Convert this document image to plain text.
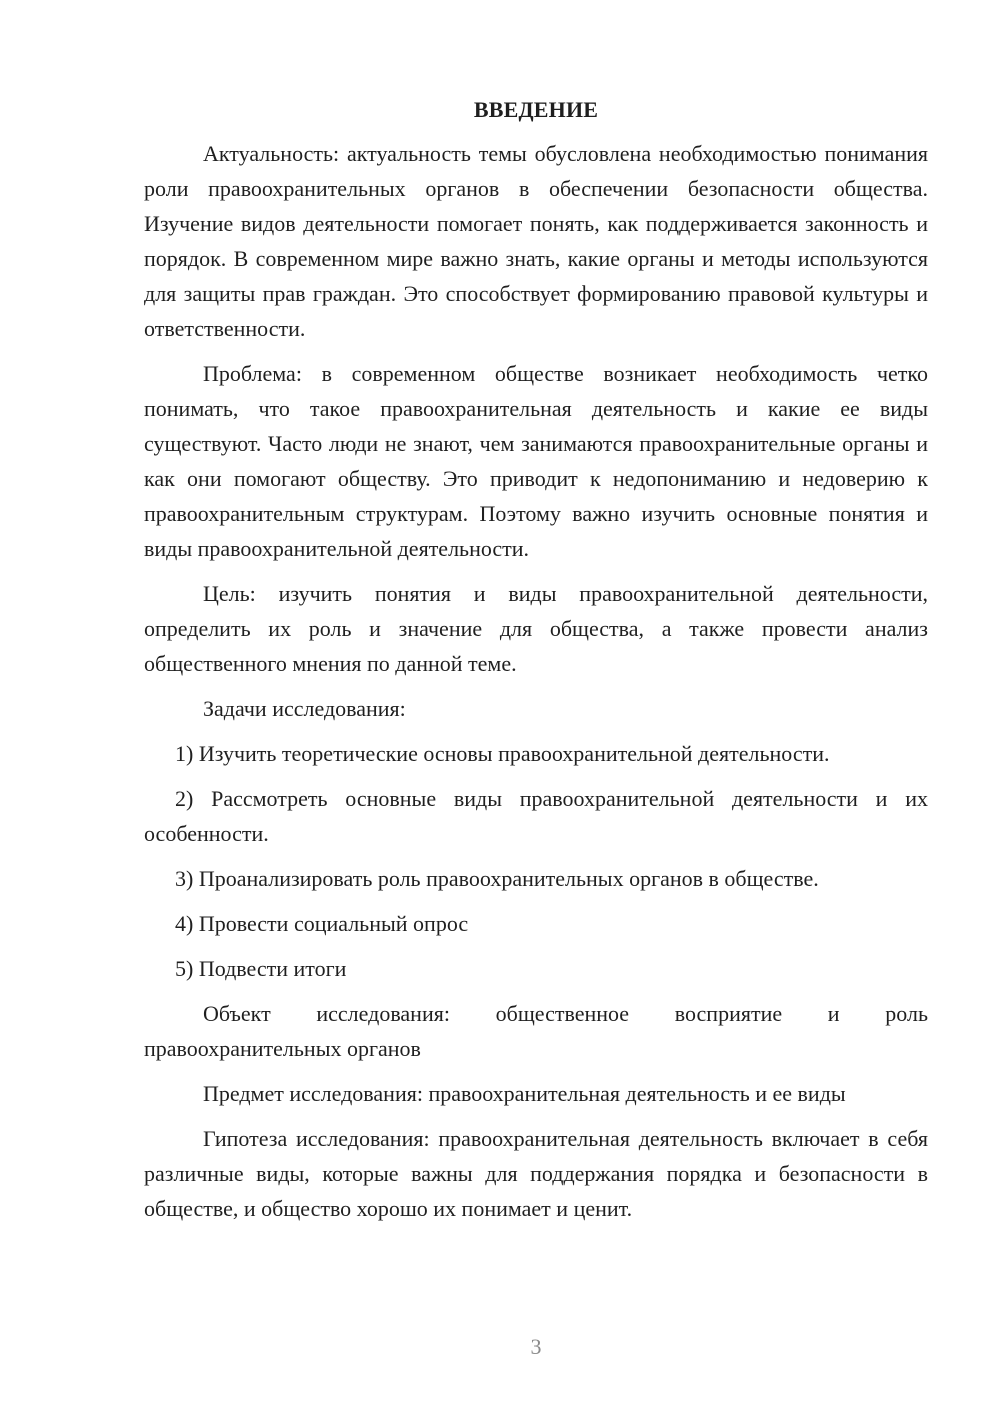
ВВЕДЕНИЕ

Актуальность: актуальность темы обусловлена необходимостью понимания роли правоохранительных органов в обеспечении безопасности общества. Изучение видов деятельности помогает понять, как поддерживается законность и порядок. В современном мире важно знать, какие органы и методы используются для защиты прав граждан. Это способствует формированию правовой культуры и ответственности.

Проблема: в современном обществе возникает необходимость четко понимать, что такое правоохранительная деятельность и какие ее виды существуют. Часто люди не знают, чем занимаются правоохранительные органы и как они помогают обществу. Это приводит к недопониманию и недоверию к правоохранительным структурам. Поэтому важно изучить основные понятия и виды правоохранительной деятельности.

Цель: изучить понятия и виды правоохранительной деятельности, определить их роль и значение для общества, а также провести анализ общественного мнения по данной теме.

Задачи исследования:

1) Изучить теоретические основы правоохранительной деятельности.

2) Рассмотреть основные виды правоохранительной деятельности и их особенности.

3) Проанализировать роль правоохранительных органов в обществе.

4) Провести социальный опрос

5) Подвести итоги

Объект исследования: общественное восприятие и роль правоохранительных органов

Предмет исследования: правоохранительная деятельность и ее виды

Гипотеза исследования: правоохранительная деятельность включает в себя различные виды, которые важны для поддержания порядка и безопасности в обществе, и общество хорошо их понимает и ценит.

3
